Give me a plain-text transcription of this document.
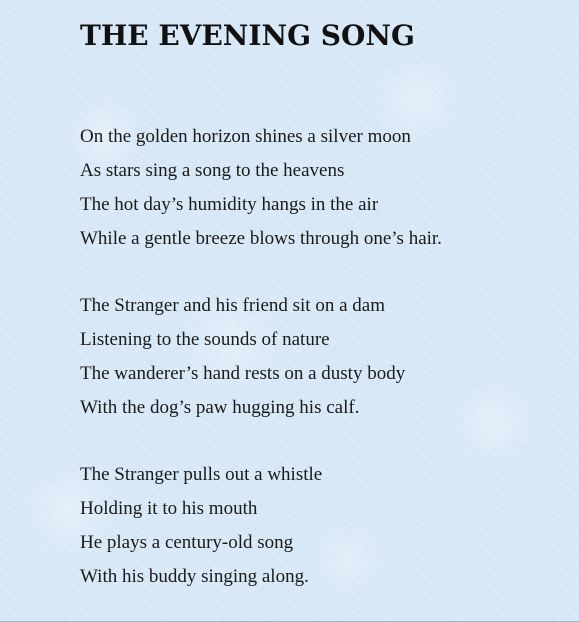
THE EVENING SONG
On the golden horizon shines a silver moon
As stars sing a song to the heavens
The hot day’s humidity hangs in the air
While a gentle breeze blows through one’s hair.
The Stranger and his friend sit on a dam
Listening to the sounds of nature
The wanderer’s hand rests on a dusty body
With the dog’s paw hugging his calf.
The Stranger pulls out a whistle
Holding it to his mouth
He plays a century-old song
With his buddy singing along.
